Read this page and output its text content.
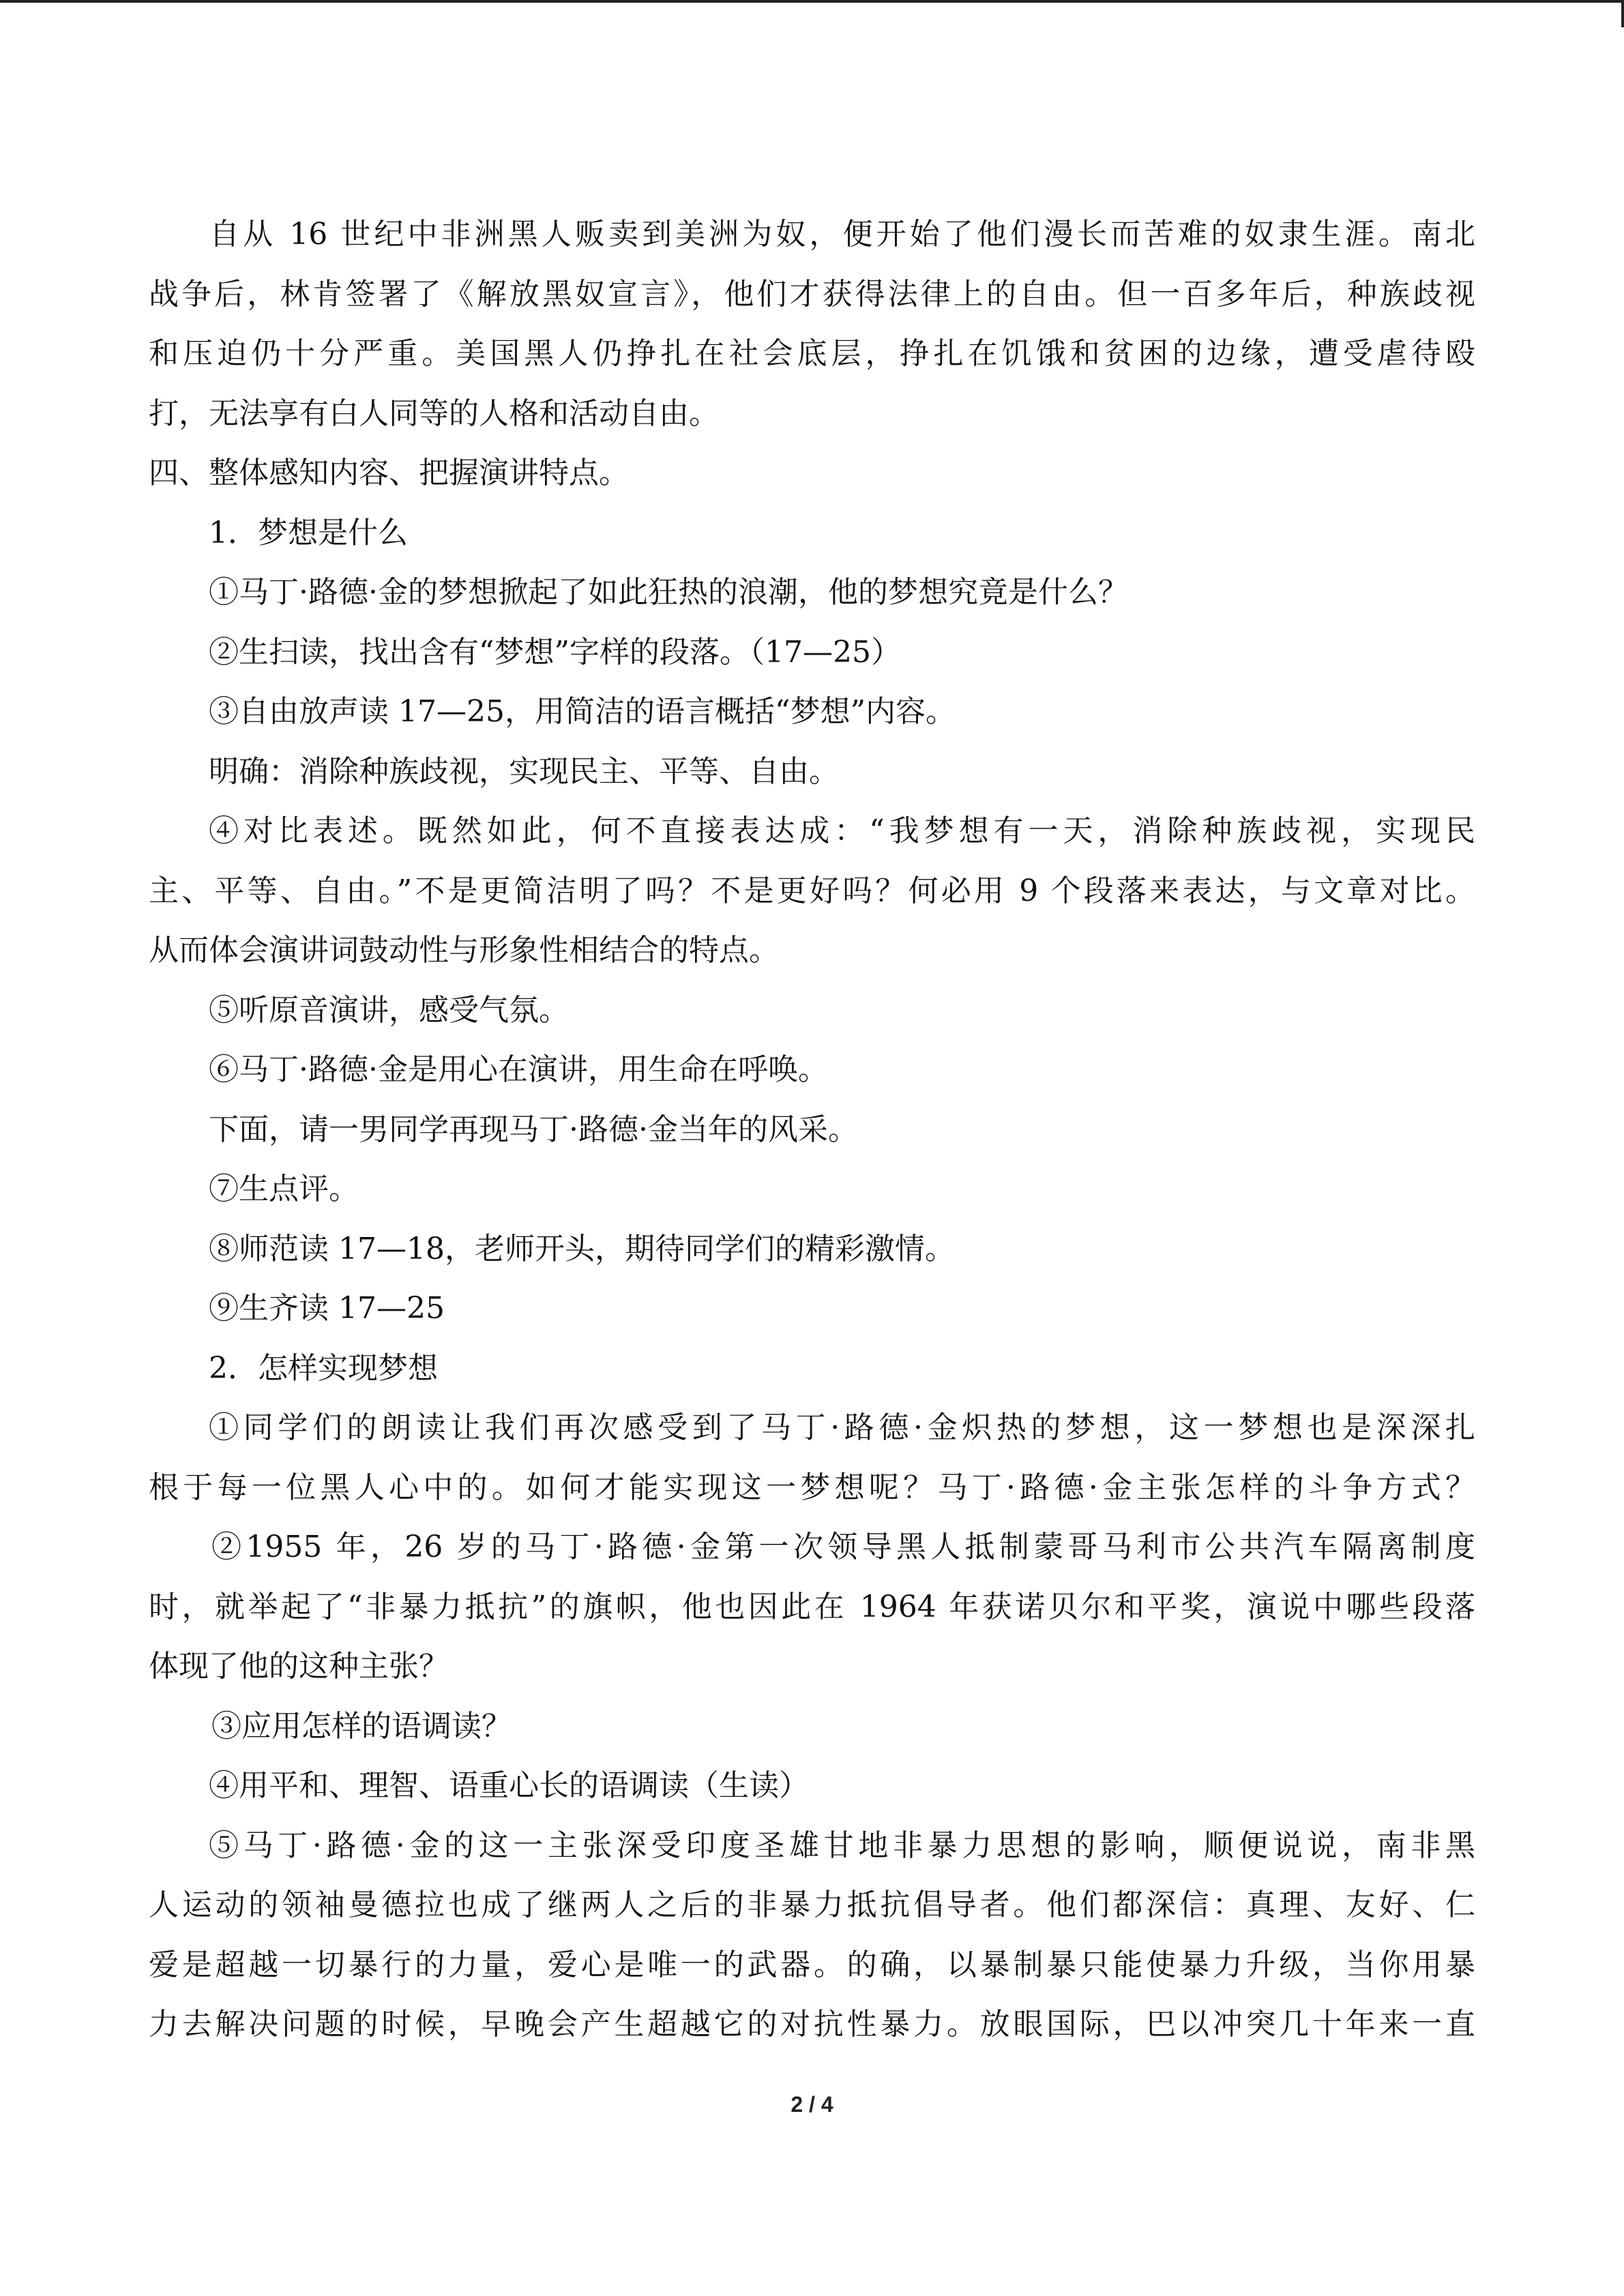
自从 16 世纪中非洲黑人贩卖到美洲为奴，便开始了他们漫长而苦难的奴隶生涯。南北

战争后，林肯签署了《解放黑奴宣言》，他们才获得法律上的自由。但一百多年后，种族歧视

和压迫仍十分严重。美国黑人仍挣扎在社会底层，挣扎在饥饿和贫困的边缘，遭受虐待殴

打，无法享有白人同等的人格和活动自由。

四、整体感知内容、把握演讲特点。

1．梦想是什么

①马丁·路德·金的梦想掀起了如此狂热的浪潮，他的梦想究竟是什么？

②生扫读，找出含有“梦想”字样的段落。（17—25）

③自由放声读 17—25，用简洁的语言概括“梦想”内容。

明确：消除种族歧视，实现民主、平等、自由。

④对比表述。既然如此，何不直接表达成：“我梦想有一天，消除种族歧视，实现民

主、平等、自由。”不是更简洁明了吗？不是更好吗？何必用 9 个段落来表达，与文章对比。

从而体会演讲词鼓动性与形象性相结合的特点。

⑤听原音演讲，感受气氛。

⑥马丁·路德·金是用心在演讲，用生命在呼唤。

下面，请一男同学再现马丁·路德·金当年的风采。

⑦生点评。

⑧师范读 17—18，老师开头，期待同学们的精彩激情。

⑨生齐读 17—25

2．怎样实现梦想

①同学们的朗读让我们再次感受到了马丁·路德·金炽热的梦想，这一梦想也是深深扎

根于每一位黑人心中的。如何才能实现这一梦想呢？马丁·路德·金主张怎样的斗争方式？

②1955 年，26 岁的马丁·路德·金第一次领导黑人抵制蒙哥马利市公共汽车隔离制度

时，就举起了“非暴力抵抗”的旗帜，他也因此在 1964 年获诺贝尔和平奖，演说中哪些段落

体现了他的这种主张？

③应用怎样的语调读？

④用平和、理智、语重心长的语调读（生读）

⑤马丁·路德·金的这一主张深受印度圣雄甘地非暴力思想的影响，顺便说说，南非黑

人运动的领袖曼德拉也成了继两人之后的非暴力抵抗倡导者。他们都深信：真理、友好、仁

爱是超越一切暴行的力量，爱心是唯一的武器。的确，以暴制暴只能使暴力升级，当你用暴

力去解决问题的时候，早晚会产生超越它的对抗性暴力。放眼国际，巴以冲突几十年来一直

2 / 4
